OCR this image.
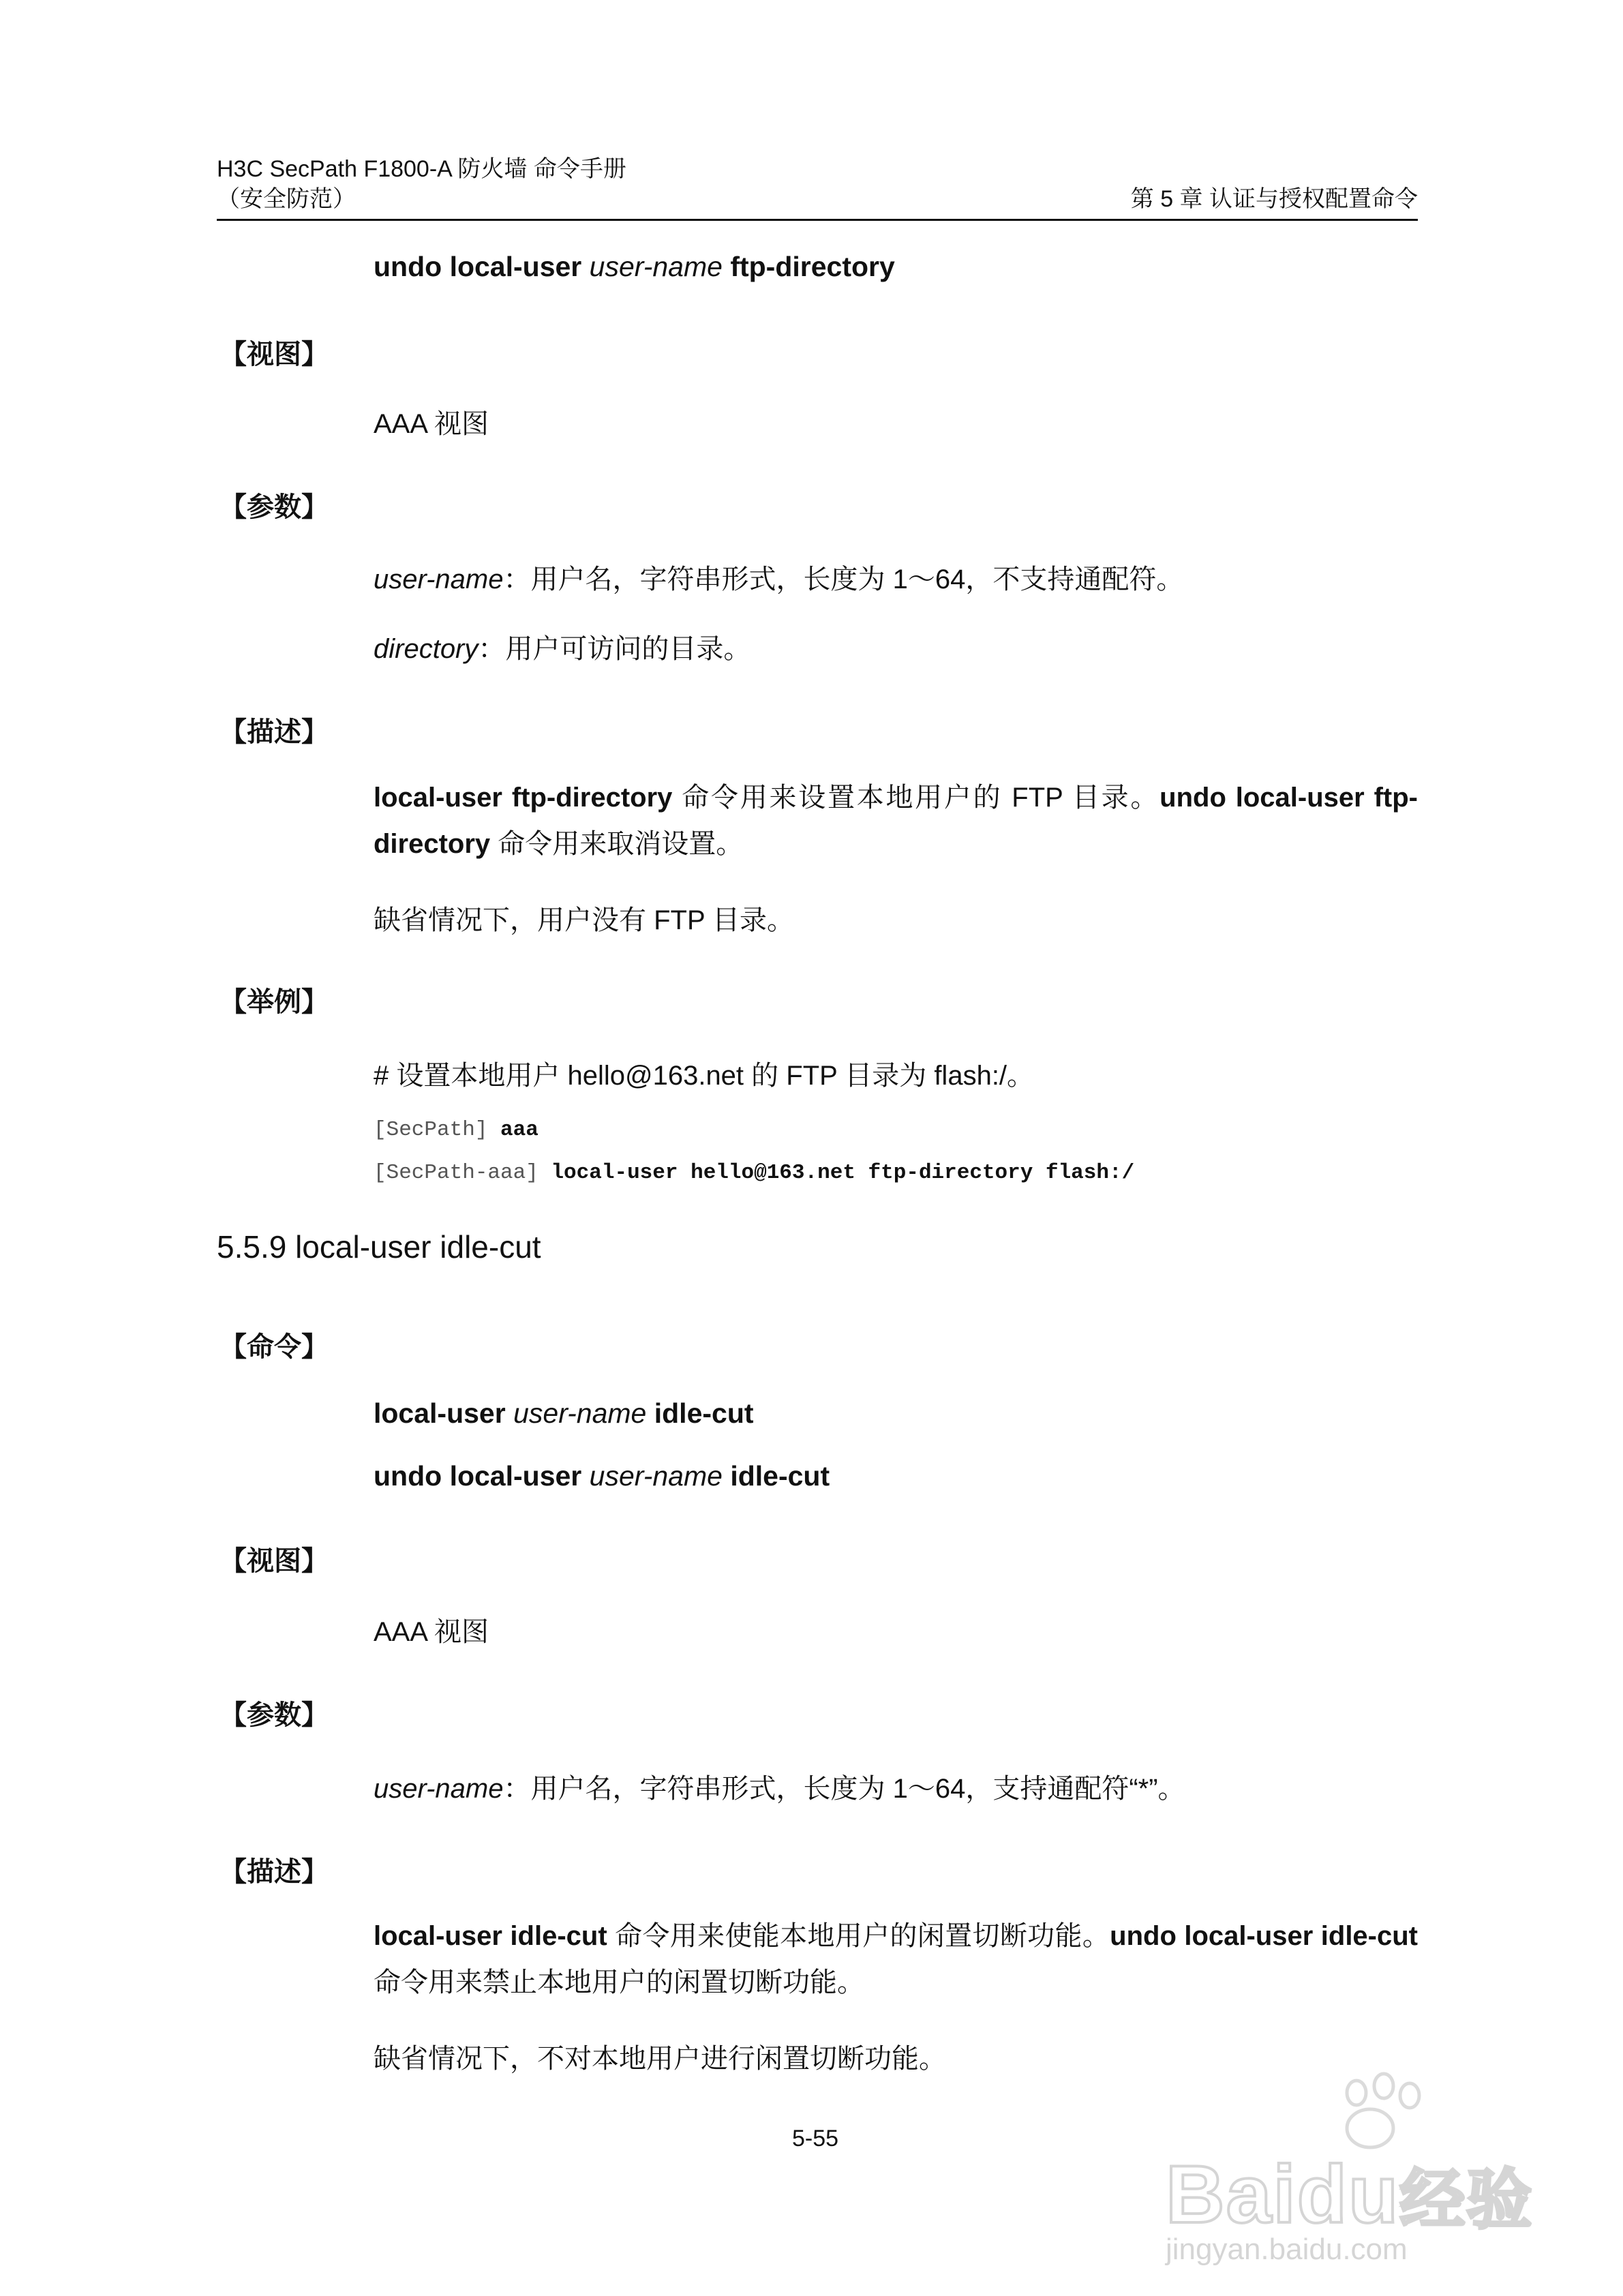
H3C SecPath F1800-A 防火墙 命令手册
（安全防范）	第 5 章 认证与授权配置命令
undo local-user user-name ftp-directory
【视图】
AAA 视图
【参数】
user-name：用户名，字符串形式，长度为 1～64，不支持通配符。
directory：用户可访问的目录。
【描述】
local-user ftp-directory 命令用来设置本地用户的 FTP 目录。undo local-user ftp-directory 命令用来取消设置。
缺省情况下，用户没有 FTP 目录。
【举例】
# 设置本地用户 hello@163.net 的 FTP 目录为 flash:/。
[SecPath] aaa
[SecPath-aaa] local-user hello@163.net ftp-directory flash:/
5.5.9 local-user idle-cut
【命令】
local-user user-name idle-cut
undo local-user user-name idle-cut
【视图】
AAA 视图
【参数】
user-name：用户名，字符串形式，长度为 1～64，支持通配符“*”。
【描述】
local-user idle-cut 命令用来使能本地用户的闲置切断功能。undo local-user idle-cut 命令用来禁止本地用户的闲置切断功能。
缺省情况下，不对本地用户进行闲置切断功能。
5-55
Baidu经验
jingyan.baidu.com
